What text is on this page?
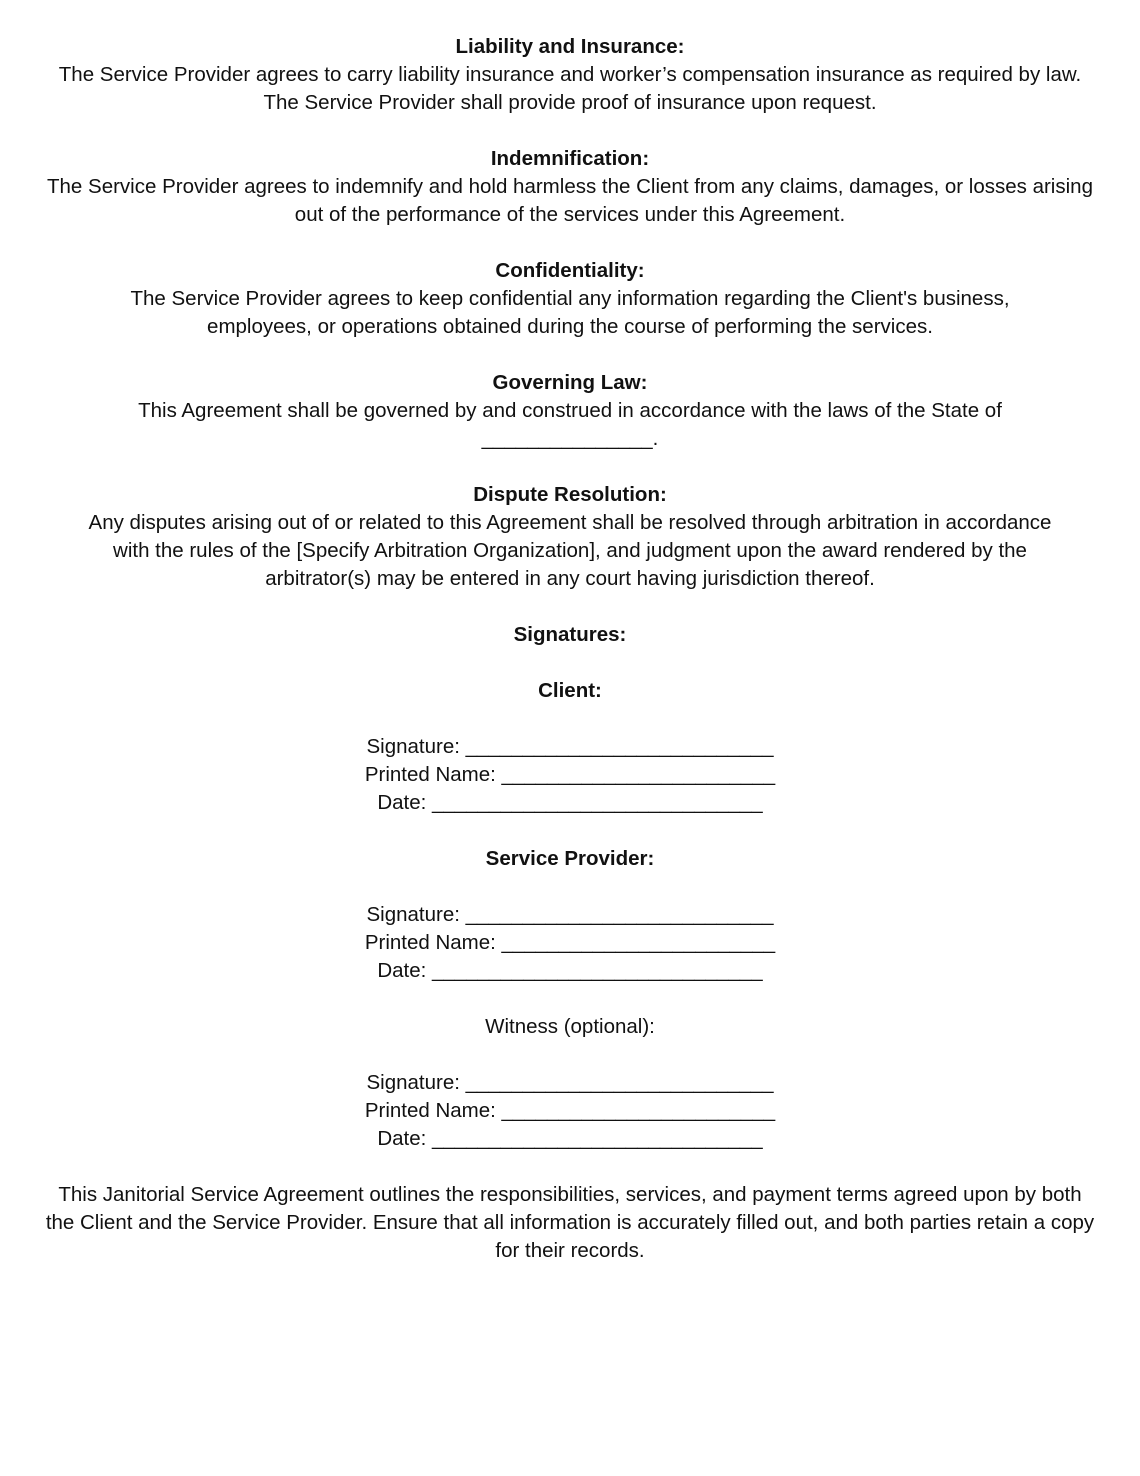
Liability and Insurance:

The Service Provider agrees to carry liability insurance and worker’s compensation insurance as required by law. The Service Provider shall provide proof of insurance upon request.

Indemnification:

The Service Provider agrees to indemnify and hold harmless the Client from any claims, damages, or losses arising out of the performance of the services under this Agreement.

Confidentiality:

The Service Provider agrees to keep confidential any information regarding the Client's business, employees, or operations obtained during the course of performing the services.

Governing Law:

This Agreement shall be governed by and construed in accordance with the laws of the State of
_______________.

Dispute Resolution:

Any disputes arising out of or related to this Agreement shall be resolved through arbitration in accordance with the rules of the [Specify Arbitration Organization], and judgment upon the award rendered by the arbitrator(s) may be entered in any court having jurisdiction thereof.

Signatures:

Client:

Signature: ___________________________

Printed Name: ________________________

Date: _____________________________

Service Provider:

Signature: ___________________________

Printed Name: ________________________

Date: _____________________________

Witness (optional):

Signature: ___________________________

Printed Name: ________________________

Date: _____________________________

This Janitorial Service Agreement outlines the responsibilities, services, and payment terms agreed upon by both the Client and the Service Provider. Ensure that all information is accurately filled out, and both parties retain a copy for their records.
